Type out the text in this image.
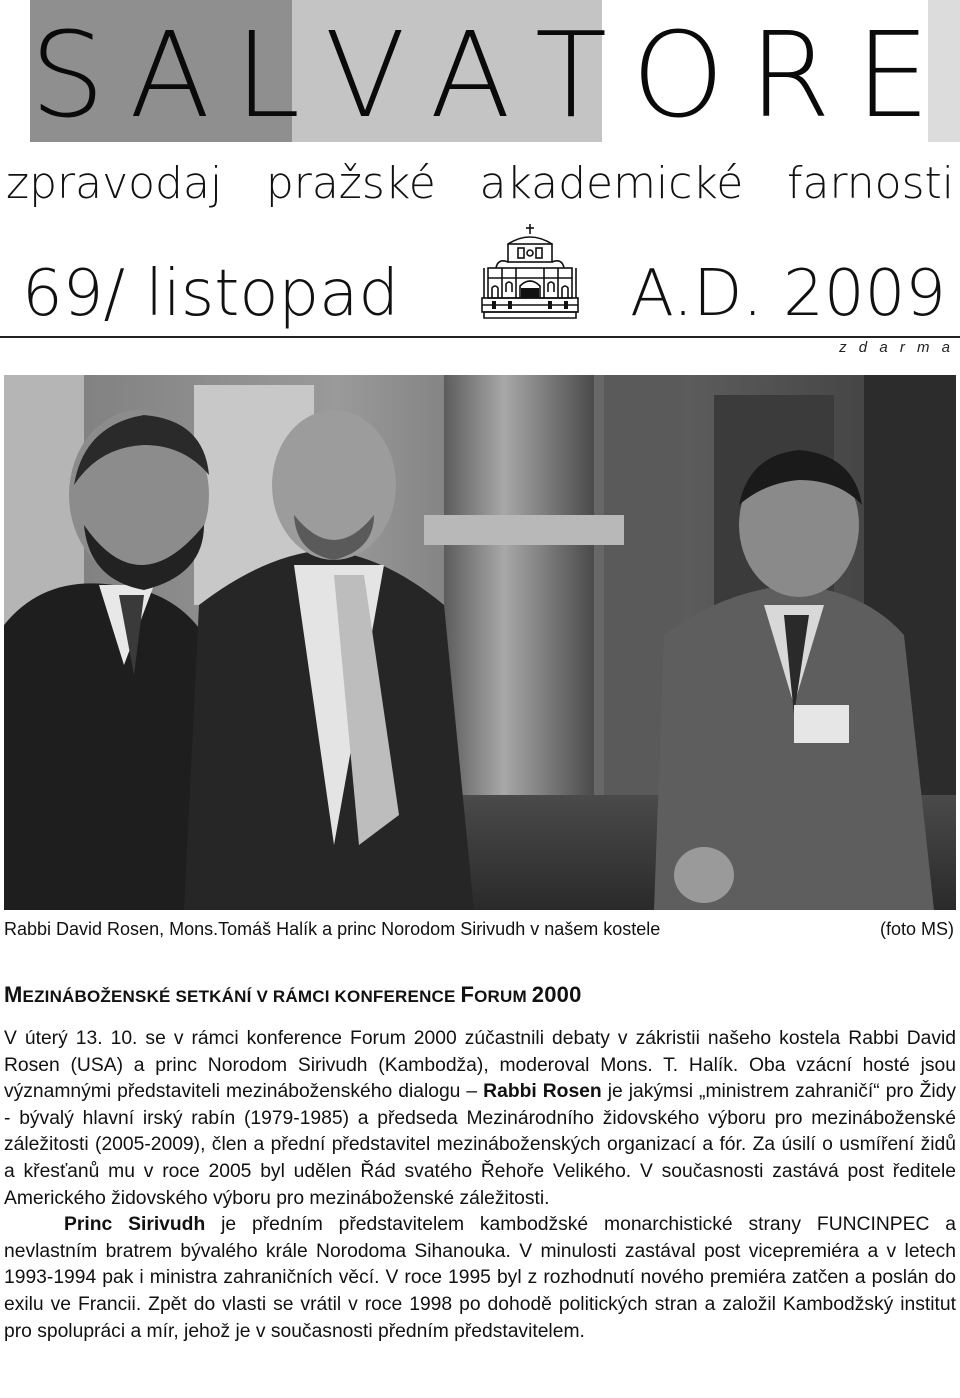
S A L V A T O R E
zpravodaj pražské akademické farnosti
69/ listopad	A.D. 2009
z d a r m a
Rabbi David Rosen, Mons.Tomáš Halík a princ Norodom Sirivudh v našem kostele	(foto MS)
MEZINÁBOŽENSKÉ SETKÁNÍ V RÁMCI KONFERENCE FORUM 2000

V úterý 13. 10. se v rámci konference Forum 2000 zúčastnili debaty v zákristii našeho kostela Rabbi David Rosen (USA) a princ Norodom Sirivudh (Kambodža), moderoval Mons. T. Halík. Oba vzácní hosté jsou významnými představiteli mezináboženského dialogu – Rabbi Rosen je jakýmsi „ministrem zahraničí“ pro Židy - bývalý hlavní irský rabín (1979-1985) a předseda Mezinárodního židovského výboru pro mezináboženské záležitosti (2005-2009), člen a přední představitel mezináboženských organizací a fór. Za úsilí o usmíření židů a křesťanů mu v roce 2005 byl udělen Řád svatého Řehoře Velikého. V současnosti zastává post ředitele Amerického židovského výboru pro mezináboženské záležitosti.

Princ Sirivudh je předním představitelem kambodžské monarchistické strany FUNCINPEC a nevlastním bratrem bývalého krále Norodoma Sihanouka. V minulosti zastával post vicepremiéra a v letech 1993-1994 pak i ministra zahraničních věcí. V roce 1995 byl z rozhodnutí nového premiéra zatčen a poslán do exilu ve Francii. Zpět do vlasti se vrátil v roce 1998 po dohodě politických stran a založil Kambodžský institut pro spolupráci a mír, jehož je v současnosti předním představitelem.
